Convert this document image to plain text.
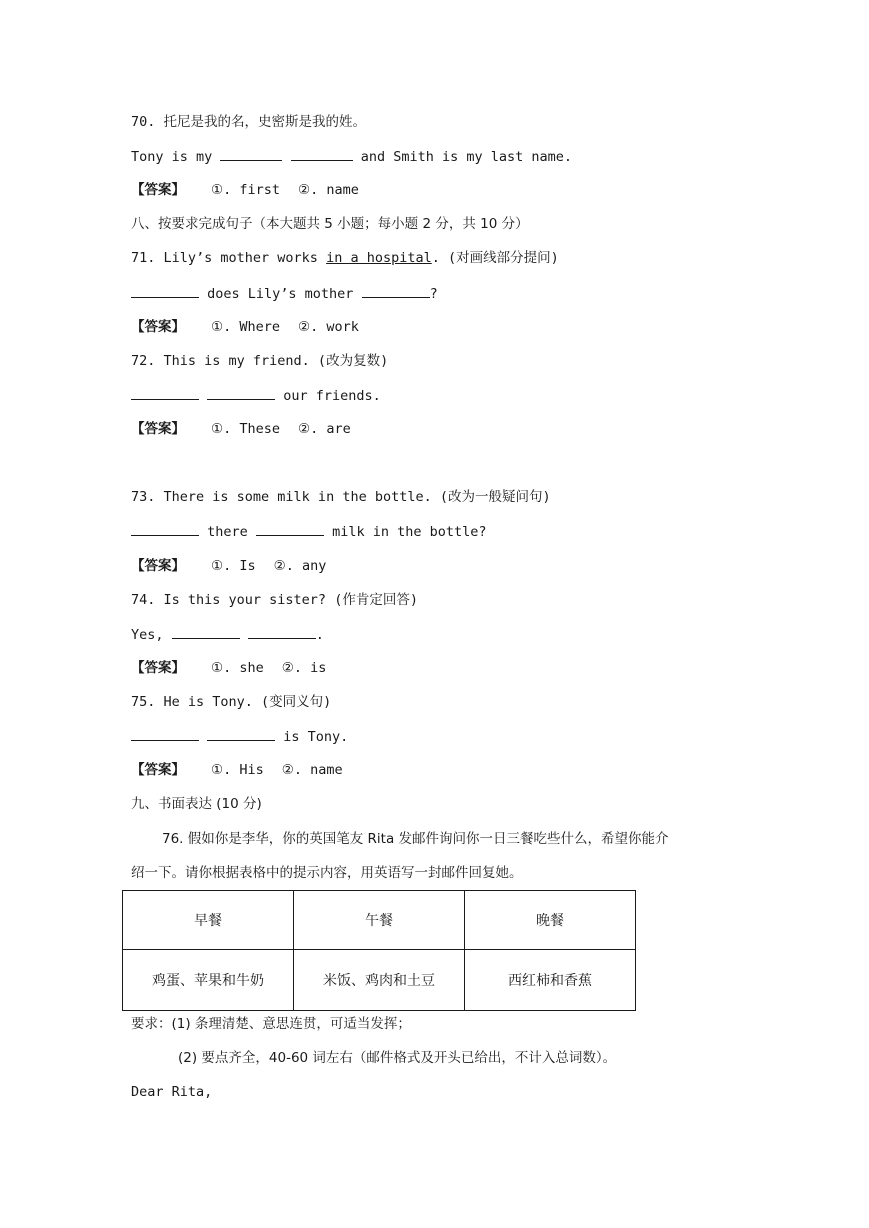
70. 托尼是我的名，史密斯是我的姓。
Tony is my	and Smith is my last name.
【答案】 ①. first ②. name
八、按要求完成句子（本大题共 5 小题；每小题 2 分，共 10 分）
71. Lily’s mother works in a hospital. (对画线部分提问)
does Lily’s mother	?
【答案】 ①. Where ②. work
72. This is my friend. (改为复数)
our friends.
【答案】 ①. These ②. are
73. There is some milk in the bottle. (改为一般疑问句)
there	milk in the bottle?
【答案】 ①. Is ②. any
74. Is this your sister? (作肯定回答)
Yes,	.
【答案】 ①. she ②. is
75. He is Tony. (变同义句)
is Tony.
【答案】 ①. His ②. name
九、书面表达 (10 分)
76. 假如你是李华，你的英国笔友 Rita 发邮件询问你一日三餐吃些什么，希望你能介
绍一下。请你根据表格中的提示内容，用英语写一封邮件回复她。
早餐	午餐	晚餐
鸡蛋、苹果和牛奶	米饭、鸡肉和土豆	西红柿和香蕉
要求：(1) 条理清楚、意思连贯，可适当发挥；
(2) 要点齐全，40-60 词左右（邮件格式及开头已给出，不计入总词数）。
Dear Rita,
